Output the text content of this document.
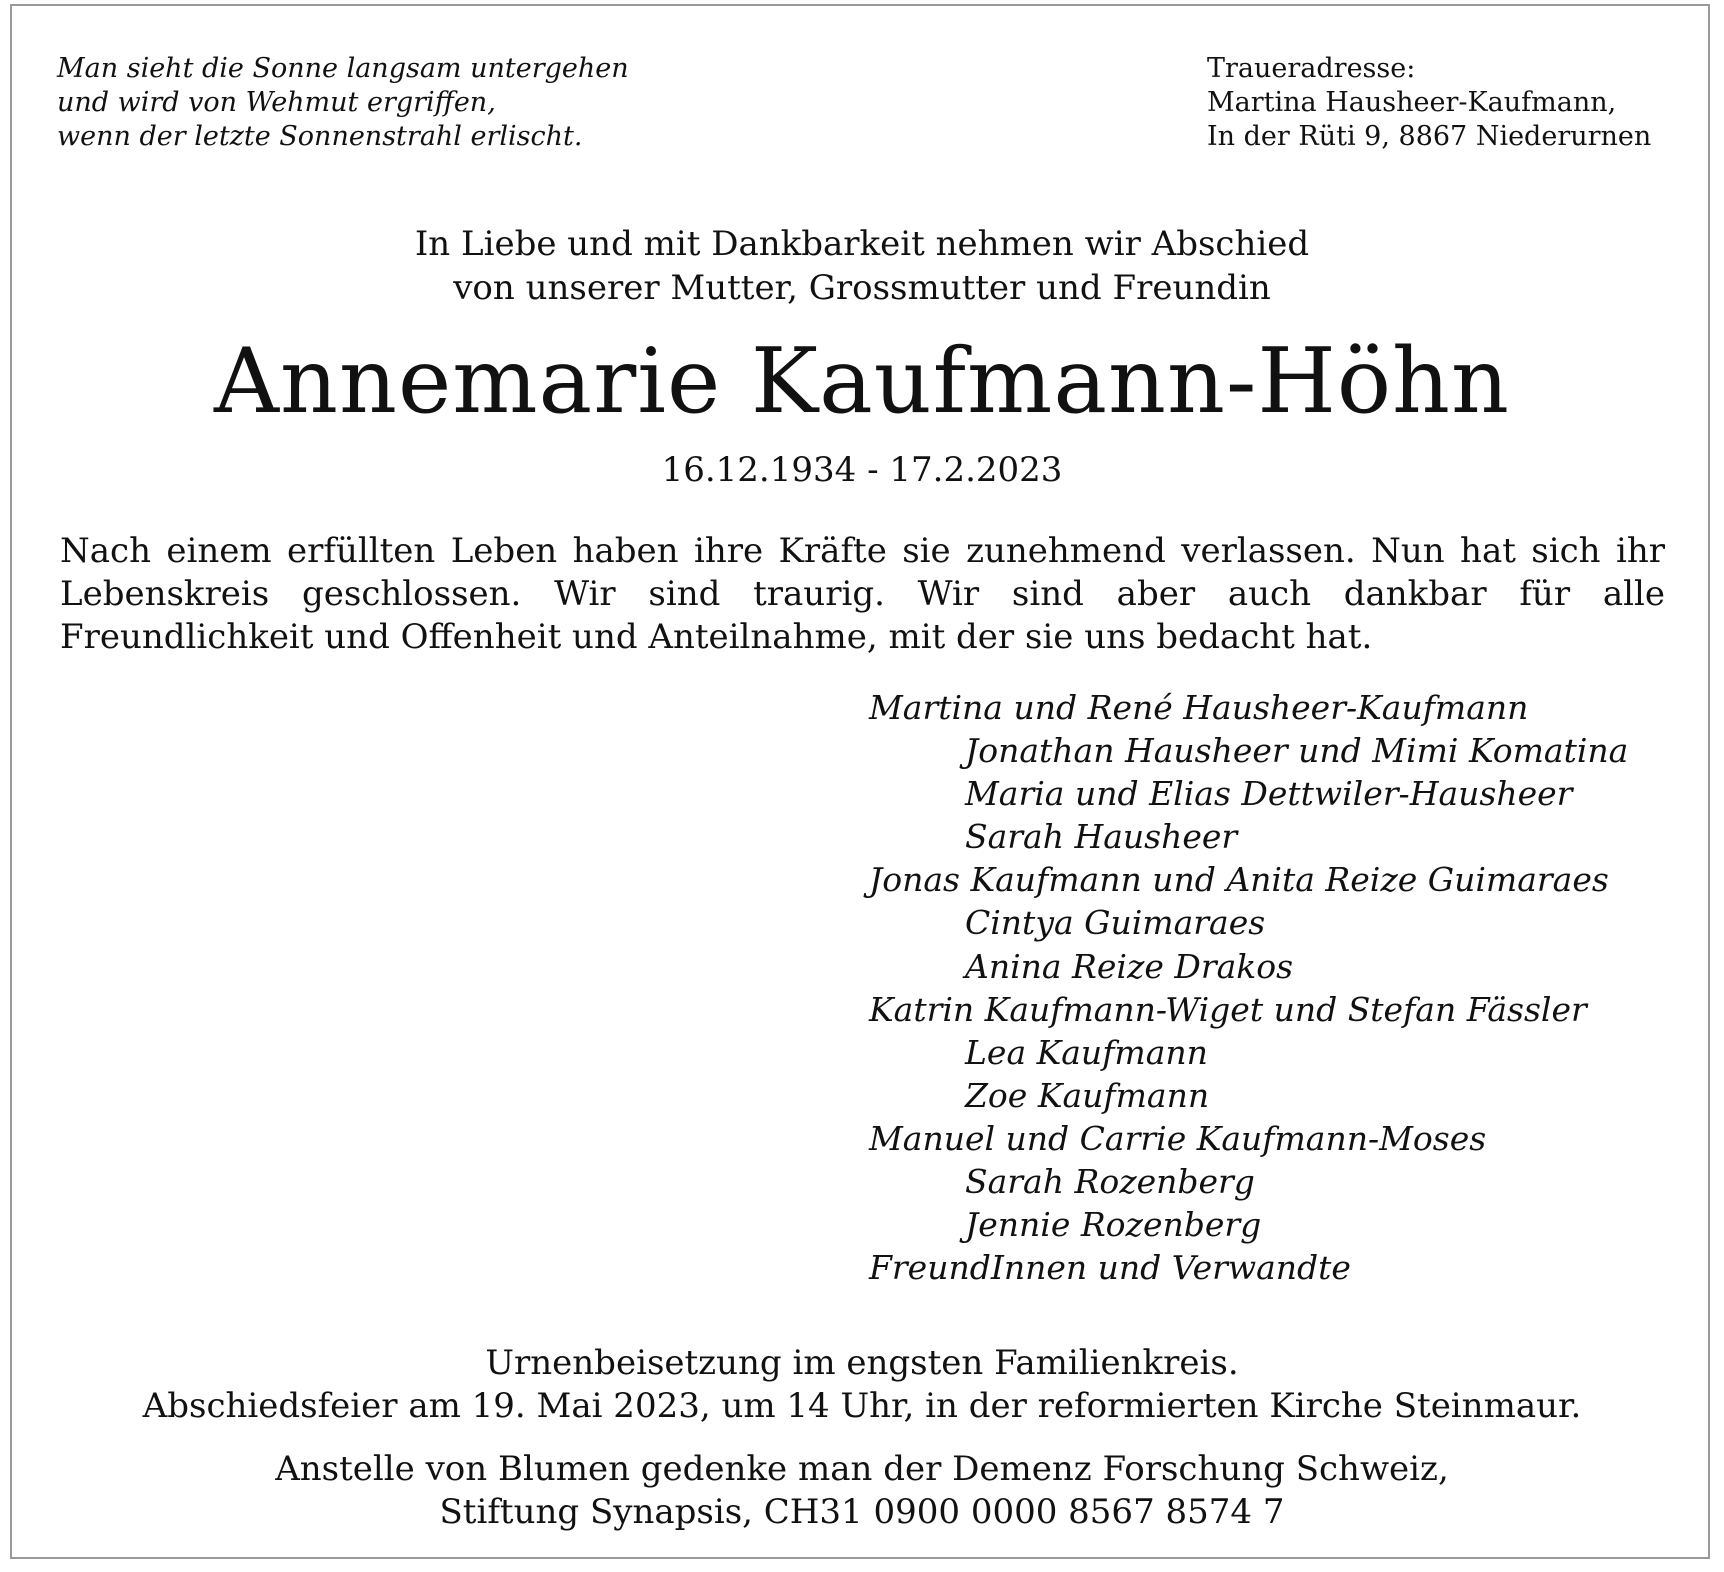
Man sieht die Sonne langsam untergehen
und wird von Wehmut ergriffen,
wenn der letzte Sonnenstrahl erlischt.
Traueradresse:
Martina Hausheer-Kaufmann,
In der Rüti 9, 8867 Niederurnen
In Liebe und mit Dankbarkeit nehmen wir Abschied
von unserer Mutter, Grossmutter und Freundin
Annemarie Kaufmann-Höhn
16.12.1934 - 17.2.2023
Nach einem erfüllten Leben haben ihre Kräfte sie zunehmend verlassen. Nun hat sich ihr Lebenskreis geschlossen. Wir sind traurig. Wir sind aber auch dankbar für alle Freundlichkeit und Offenheit und Anteilnahme, mit der sie uns bedacht hat.
Martina und René Hausheer-Kaufmann
Jonathan Hausheer und Mimi Komatina
Maria und Elias Dettwiler-Hausheer
Sarah Hausheer
Jonas Kaufmann und Anita Reize Guimaraes
Cintya Guimaraes
Anina Reize Drakos
Katrin Kaufmann-Wiget und Stefan Fässler
Lea Kaufmann
Zoe Kaufmann
Manuel und Carrie Kaufmann-Moses
Sarah Rozenberg
Jennie Rozenberg
FreundInnen und Verwandte
Urnenbeisetzung im engsten Familienkreis.
Abschiedsfeier am 19. Mai 2023, um 14 Uhr, in der reformierten Kirche Steinmaur.
Anstelle von Blumen gedenke man der Demenz Forschung Schweiz,
Stiftung Synapsis, CH31 0900 0000 8567 8574 7
